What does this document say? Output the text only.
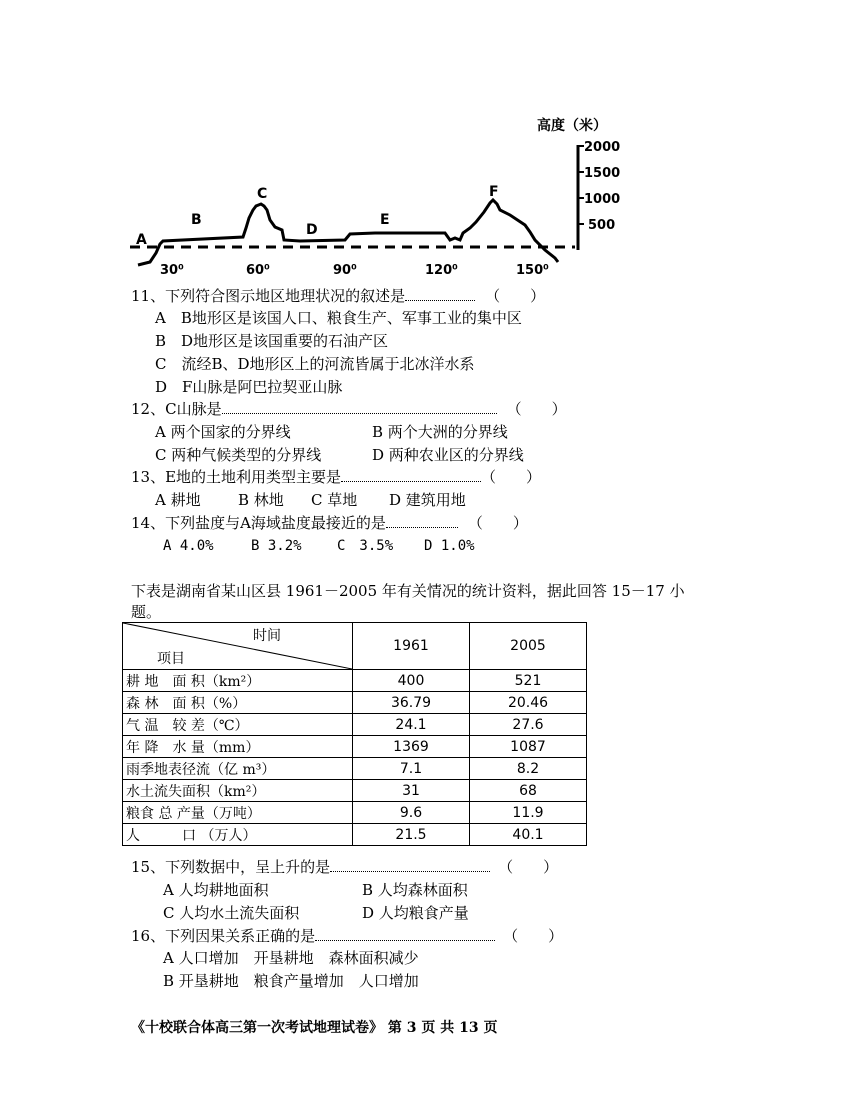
高度（米）
2000
1500
1000
500
30⁰	60⁰	90⁰	120⁰	150⁰
A
B
C
D
E
F
11、下列符合图示地区地理状况的叙述是	（　　）
A　B地形区是该国人口、粮食生产、军事工业的集中区
B　D地形区是该国重要的石油产区
C　流经B、D地形区上的河流皆属于北冰洋水系
D　F山脉是阿巴拉契亚山脉
12、C山脉是	（　　）
A 两个国家的分界线	B 两个大洲的分界线
C 两种气候类型的分界线	D 两种农业区的分界线
13、E地的土地利用类型主要是	（　　）
A 耕地 B 林地 C 草地 D 建筑用地
14、下列盐度与A海域盐度最接近的是	（　　）
A 4.0%	B 3.2%	C　3.5% D 1.0%
下表是湖南省某山区县 1961－2005 年有关情况的统计资料，据此回答 15－17 小
题。
时间
项目	1961	2005
耕 地　面 积（km²）	400	521
森 林　面 积（%）	36.79	20.46
气 温　较 差（℃）	24.1	27.6
年 降　水 量（mm）	1369	1087
雨季地表径流（亿 m³）	7.1	8.2
水土流失面积（km²）	31	68
粮食 总 产量（万吨）	9.6	11.9
人　　　口 （万人）	21.5	40.1
15、下列数据中，呈上升的是	（　　）
A 人均耕地面积	B 人均森林面积
C 人均水土流失面积	D 人均粮食产量
16、下列因果关系正确的是	（　　）
A 人口增加　开垦耕地　森林面积减少
B 开垦耕地　粮食产量增加　人口增加
《十校联合体高三第一次考试地理试卷》 第 3 页 共 13 页
